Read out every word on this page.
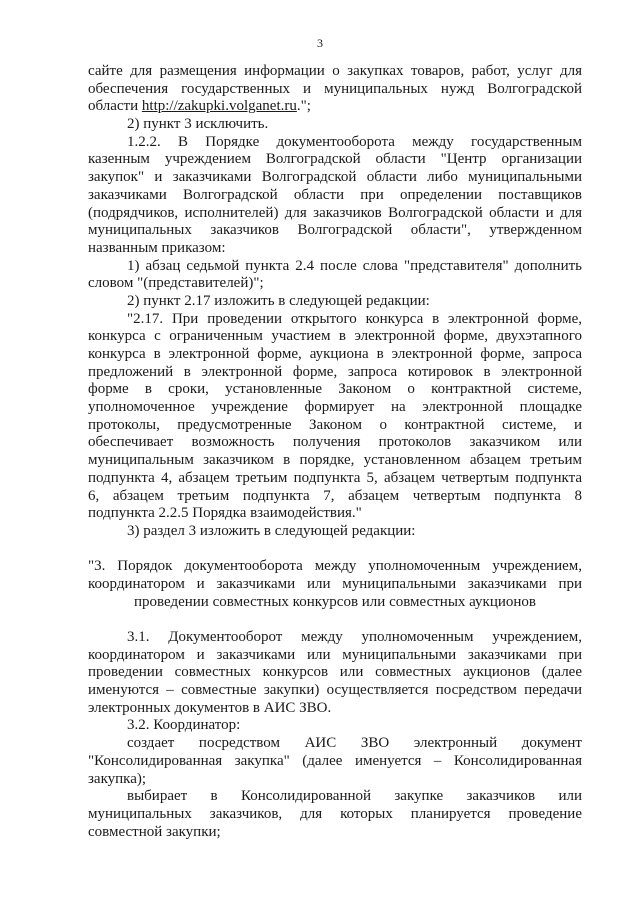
3
сайте для размещения информации о закупках товаров, работ, услуг для
обеспечения государственных и муниципальных нужд Волгоградской
области http://zakupki.volganet.ru.";
2) пункт 3 исключить.
1.2.2. В Порядке документооборота между государственным
казенным учреждением Волгоградской области "Центр организации
закупок" и заказчиками Волгоградской области либо муниципальными
заказчиками Волгоградской области при определении поставщиков
(подрядчиков, исполнителей) для заказчиков Волгоградской области и для
муниципальных заказчиков Волгоградской области", утвержденном
названным приказом:
1) абзац седьмой пункта 2.4 после слова "представителя" дополнить
словом "(представителей)";
2) пункт 2.17 изложить в следующей редакции:
"2.17. При проведении открытого конкурса в электронной форме,
конкурса с ограниченным участием в электронной форме, двухэтапного
конкурса в электронной форме, аукциона в электронной форме, запроса
предложений в электронной форме, запроса котировок в электронной
форме в сроки, установленные Законом о контрактной системе,
уполномоченное учреждение формирует на электронной площадке
протоколы, предусмотренные Законом о контрактной системе, и
обеспечивает возможность получения протоколов заказчиком или
муниципальным заказчиком в порядке, установленном абзацем третьим
подпункта 4, абзацем третьим подпункта 5, абзацем четвертым подпункта
6, абзацем третьим подпункта 7, абзацем четвертым подпункта 8
подпункта 2.2.5 Порядка взаимодействия."
3) раздел 3 изложить в следующей редакции:
"3. Порядок документооборота между уполномоченным учреждением,
координатором и заказчиками или муниципальными заказчиками при
проведении совместных конкурсов или совместных аукционов
3.1. Документооборот между уполномоченным учреждением,
координатором и заказчиками или муниципальными заказчиками при
проведении совместных конкурсов или совместных аукционов (далее
именуются – совместные закупки) осуществляется посредством передачи
электронных документов в АИС ЗВО.
3.2. Координатор:
создает посредством АИС ЗВО электронный документ
"Консолидированная закупка" (далее именуется – Консолидированная
закупка);
выбирает в Консолидированной закупке заказчиков или
муниципальных заказчиков, для которых планируется проведение
совместной закупки;
